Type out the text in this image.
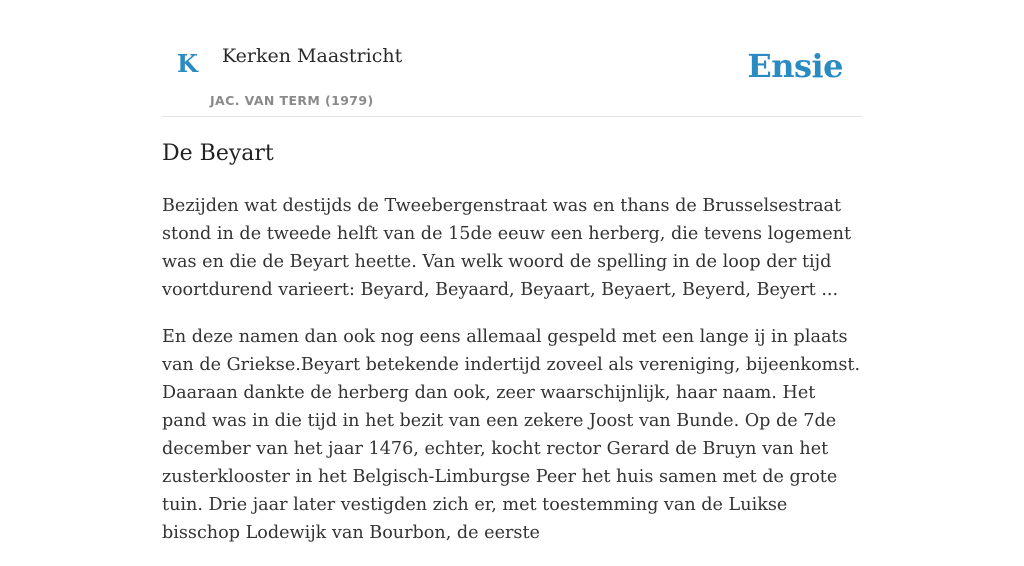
K Kerken Maastricht
JAC. VAN TERM (1979)
Ensie
De Beyart

Bezijden wat destijds de Tweebergenstraat was en thans de Brusselsestraat stond in de tweede helft van de 15de eeuw een herberg, die tevens logement was en die de Beyart heette. Van welk woord de spelling in de loop der tijd voortdurend varieert: Beyard, Beyaard, Beyaart, Beyaert, Beyerd, Beyert ...

En deze namen dan ook nog eens allemaal gespeld met een lange ij in plaats van de Griekse.Beyart betekende indertijd zoveel als vereniging, bijeenkomst. Daaraan dankte de herberg dan ook, zeer waarschijnlijk, haar naam. Het pand was in die tijd in het bezit van een zekere Joost van Bunde. Op de 7de december van het jaar 1476, echter, kocht rector Gerard de Bruyn van het zusterklooster in het Belgisch-Limburgse Peer het huis samen met de grote tuin. Drie jaar later vestigden zich er, met toestemming van de Luikse bisschop Lodewijk van Bourbon, de eerste
